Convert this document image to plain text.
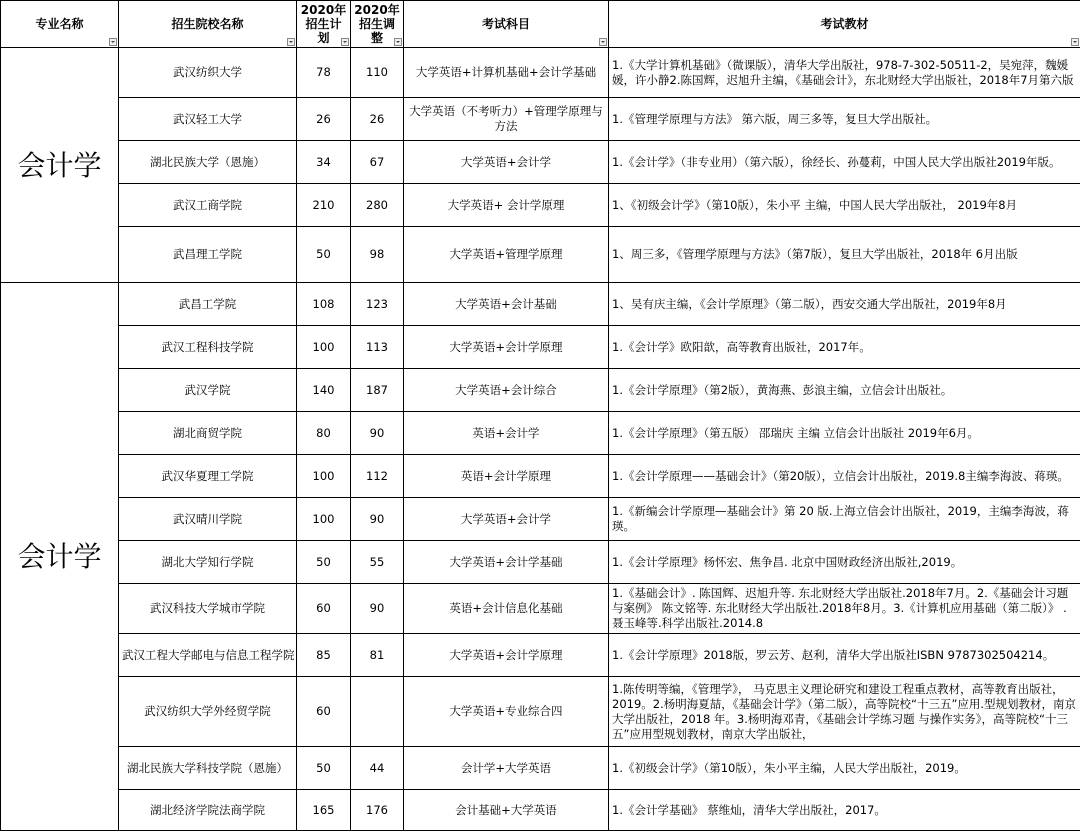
专业名称	招生院校名称	2020年招生计划	2020年招生调整	考试科目	考试教材

会计学	武汉纺织大学	78	110	大学英语+计算机基础+会计学基础	1.《大学计算机基础》（微课版），清华大学出版社，978-7-302-50511-2，吴宛萍，魏媛媛，许小静2.陈国辉，迟旭升主编，《基础会计》，东北财经大学出版社，2018年7月第六版
	武汉轻工大学	26	26	大学英语（不考听力）+管理学原理与方法	1.《管理学原理与方法》 第六版，周三多等，复旦大学出版社。
	湖北民族大学（恩施）	34	67	大学英语+会计学	1.《会计学》（非专业用）（第六版），徐经长、孙蔓莉，中国人民大学出版社2019年版。
	武汉工商学院	210	280	大学英语+ 会计学原理	1、《初级会计学》（第10版），朱小平 主编，中国人民大学出版社， 2019年8月
	武昌理工学院	50	98	大学英语+管理学原理	1、周三多，《管理学原理与方法》（第7版），复旦大学出版社，2018年 6月出版
会计学	武昌工学院	108	123	大学英语+会计基础	1、吴有庆主编，《会计学原理》（第二版），西安交通大学出版社，2019年8月
	武汉工程科技学院	100	113	大学英语+会计学原理	1.《会计学》欧阳歆，高等教育出版社，2017年。
	武汉学院	140	187	大学英语+会计综合	1.《会计学原理》（第2版），黄海燕、彭浪主编，立信会计出版社。
	湖北商贸学院	80	90	英语+会计学	1.《会计学原理》（第五版） 邵瑞庆 主编 立信会计出版社 2019年6月。
	武汉华夏理工学院	100	112	英语+会计学原理	1.《会计学原理——基础会计》（第20版），立信会计出版社，2019.8主编李海波、蒋瑛。
	武汉晴川学院	100	90	大学英语+会计学	1.《新编会计学原理—基础会计》第 20 版.上海立信会计出版社，2019，主编李海波，蒋瑛。
	湖北大学知行学院	50	55	大学英语+会计学基础	1.《会计学原理》杨怀宏、焦争昌. 北京中国财政经济出版社,2019。
	武汉科技大学城市学院	60	90	英语+会计信息化基础	1.《基础会计》. 陈国辉、迟旭升等. 东北财经大学出版社.2018年7月。2.《基础会计习题与案例》 陈文铭等. 东北财经大学出版社.2018年8月。3.《计算机应用基础（第二版）》 .聂玉峰等.科学出版社.2014.8
	武汉工程大学邮电与信息工程学院	85	81	大学英语+会计学原理	1.《会计学原理》2018版，罗云芳、赵利，清华大学出版社ISBN 9787302504214。
	武汉纺织大学外经贸学院	60		大学英语+专业综合四	1.陈传明等编，《管理学》， 马克思主义理论研究和建设工程重点教材，高等教育出版社，2019。2.杨明海夏喆，《基础会计学》（第二版），高等院校“十三五”应用.型规划教材，南京大学出版社，2018 年。3.杨明海邓青，《基础会计学练习题 与操作实务》，高等院校“十三五”应用型规划教材，南京大学出版社，
	湖北民族大学科技学院（恩施）	50	44	会计学+大学英语	1.《初级会计学》（第10版），朱小平主编，人民大学出版社，2019。
	湖北经济学院法商学院	165	176	会计基础+大学英语	1.《会计学基础》 蔡维灿，清华大学出版社，2017。
